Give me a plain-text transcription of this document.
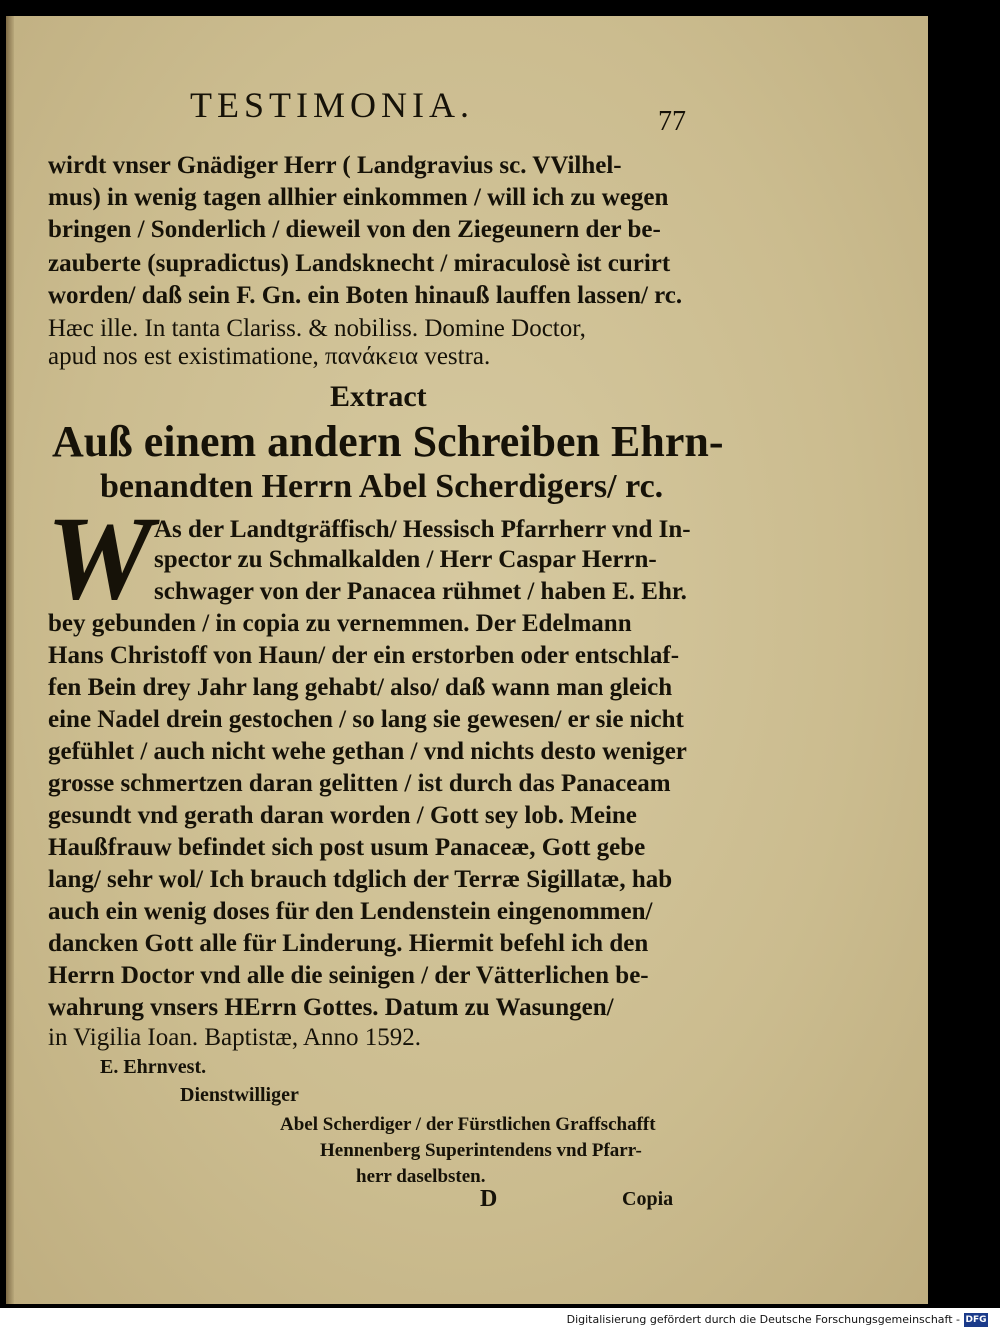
TESTIMONIA.	77
wirdt vnser Gnädiger Herr ( Landgravius sc. VVilhel-
mus) in wenig tagen allhier einkommen / will ich zu wegen
bringen / Sonderlich / dieweil von den Ziegeunern der be-
zauberte (supradictus) Landsknecht / miraculosè ist curirt
worden/ daß sein F. Gn. ein Boten hinauß lauffen lassen/ rc.
Hæc ille. In tanta Clariss. & nobiliss. Domine Doctor,
apud nos est existimatione, πανάκεια vestra.
Extract
Auß einem andern Schreiben Ehrn-
benandten Herrn Abel Scherdigers/ rc.
W As der Landtgräffisch/ Hessisch Pfarrherr vnd In-
spector zu Schmalkalden / Herr Caspar Herrn-
schwager von der Panacea rühmet / haben E. Ehr.
bey gebunden / in copia zu vernemmen. Der Edelmann
Hans Christoff von Haun/ der ein erstorben oder entschlaf-
fen Bein drey Jahr lang gehabt/ also/ daß wann man gleich
eine Nadel drein gestochen / so lang sie gewesen/ er sie nicht
gefühlet / auch nicht wehe gethan / vnd nichts desto weniger
grosse schmertzen daran gelitten / ist durch das Panaceam
gesundt vnd gerath daran worden / Gott sey lob. Meine
Haußfrauw befindet sich post usum Panaceæ, Gott gebe
lang/ sehr wol/ Ich brauch tdglich der Terræ Sigillatæ, hab
auch ein wenig doses für den Lendenstein eingenommen/
dancken Gott alle für Linderung. Hiermit befehl ich den
Herrn Doctor vnd alle die seinigen / der Vätterlichen be-
wahrung vnsers HErrn Gottes. Datum zu Wasungen/
in Vigilia Ioan. Baptistæ, Anno 1592.
E. Ehrnvest.
Dienstwilliger
Abel Scherdiger / der Fürstlichen Graffschafft
Hennenberg Superintendens vnd Pfarr-
herr daselbsten.
D	Copia
Digitalisierung gefördert durch die Deutsche Forschungsgemeinschaft - DFG
